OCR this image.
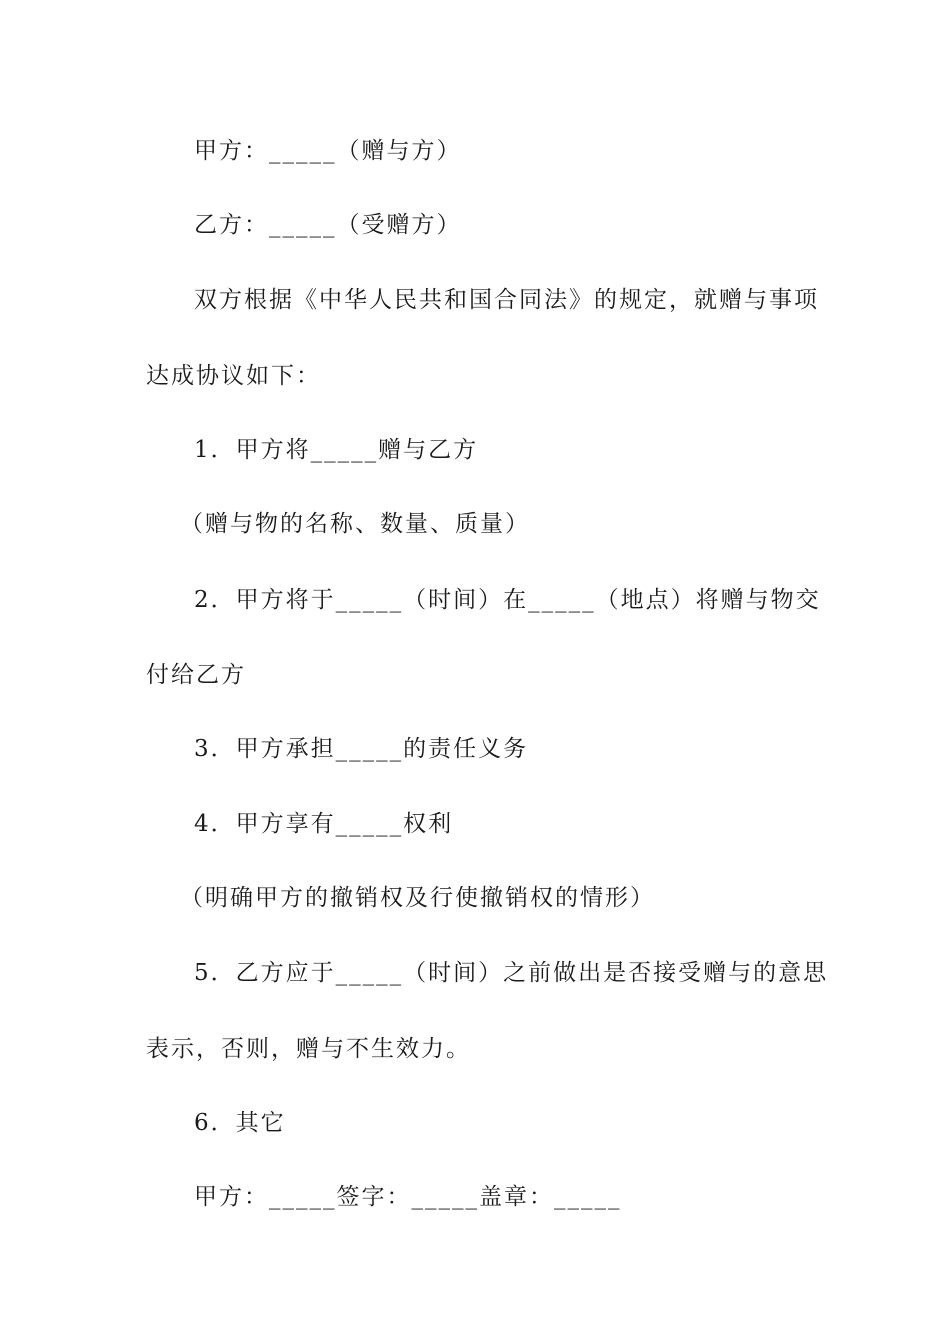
甲方：_____（赠与方）
乙方：_____（受赠方）
双方根据《中华人民共和国合同法》的规定，就赠与事项
达成协议如下：
1．甲方将_____赠与乙方
（赠与物的名称、数量、质量）
2．甲方将于_____（时间）在_____（地点）将赠与物交
付给乙方
3．甲方承担_____的责任义务
4．甲方享有_____权利
（明确甲方的撤销权及行使撤销权的情形）
5．乙方应于_____（时间）之前做出是否接受赠与的意思
表示，否则，赠与不生效力。
6．其它
甲方：_____签字：_____盖章：_____
